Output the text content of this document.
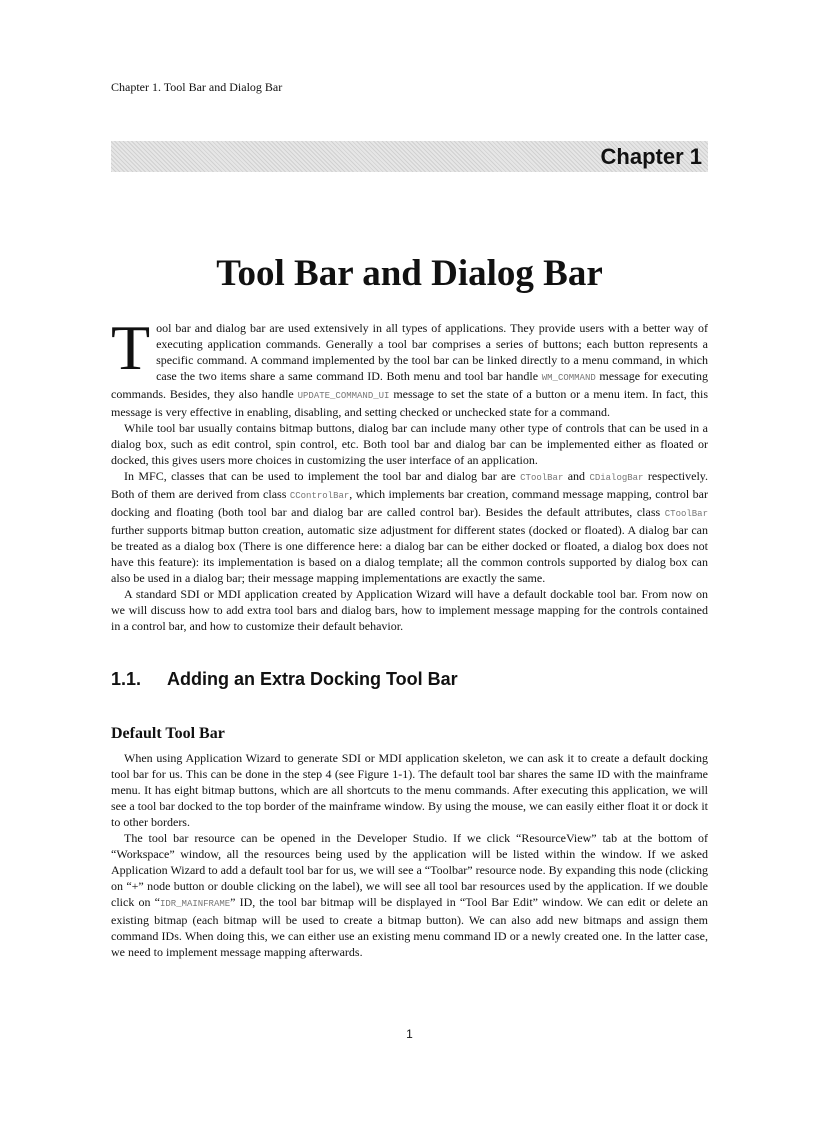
Chapter 1. Tool Bar and Dialog Bar
Chapter 1
Tool Bar and Dialog Bar

Tool bar and dialog bar are used extensively in all types of applications. They provide users with a better way of executing application commands. Generally a tool bar comprises a series of buttons; each button represents a specific command. A command implemented by the tool bar can be linked directly to a menu command, in which case the two items share a same command ID. Both menu and tool bar handle WM_COMMAND message for executing commands. Besides, they also handle UPDATE_COMMAND_UI message to set the state of a button or a menu item. In fact, this message is very effective in enabling, disabling, and setting checked or unchecked state for a command.

While tool bar usually contains bitmap buttons, dialog bar can include many other type of controls that can be used in a dialog box, such as edit control, spin control, etc. Both tool bar and dialog bar can be implemented either as floated or docked, this gives users more choices in customizing the user interface of an application.

In MFC, classes that can be used to implement the tool bar and dialog bar are CToolBar and CDialogBar respectively. Both of them are derived from class CControlBar, which implements bar creation, command message mapping, control bar docking and floating (both tool bar and dialog bar are called control bar). Besides the default attributes, class CToolBar further supports bitmap button creation, automatic size adjustment for different states (docked or floated). A dialog bar can be treated as a dialog box (There is one difference here: a dialog bar can be either docked or floated, a dialog box does not have this feature): its implementation is based on a dialog template; all the common controls supported by dialog box can also be used in a dialog bar; their message mapping implementations are exactly the same.

A standard SDI or MDI application created by Application Wizard will have a default dockable tool bar. From now on we will discuss how to add extra tool bars and dialog bars, how to implement message mapping for the controls contained in a control bar, and how to customize their default behavior.

1.1. Adding an Extra Docking Tool Bar
Default Tool Bar

When using Application Wizard to generate SDI or MDI application skeleton, we can ask it to create a default docking tool bar for us. This can be done in the step 4 (see Figure 1-1). The default tool bar shares the same ID with the mainframe menu. It has eight bitmap buttons, which are all shortcuts to the menu commands. After executing this application, we will see a tool bar docked to the top border of the mainframe window. By using the mouse, we can easily either float it or dock it to other borders.

The tool bar resource can be opened in the Developer Studio. If we click “ResourceView” tab at the bottom of “Workspace” window, all the resources being used by the application will be listed within the window. If we asked Application Wizard to add a default tool bar for us, we will see a “Toolbar” resource node. By expanding this node (clicking on “+” node button or double clicking on the label), we will see all tool bar resources used by the application. If we double click on “IDR_MAINFRAME” ID, the tool bar bitmap will be displayed in “Tool Bar Edit” window. We can edit or delete an existing bitmap (each bitmap will be used to create a bitmap button). We can also add new bitmaps and assign them command IDs. When doing this, we can either use an existing menu command ID or a newly created one. In the latter case, we need to implement message mapping afterwards.

1
